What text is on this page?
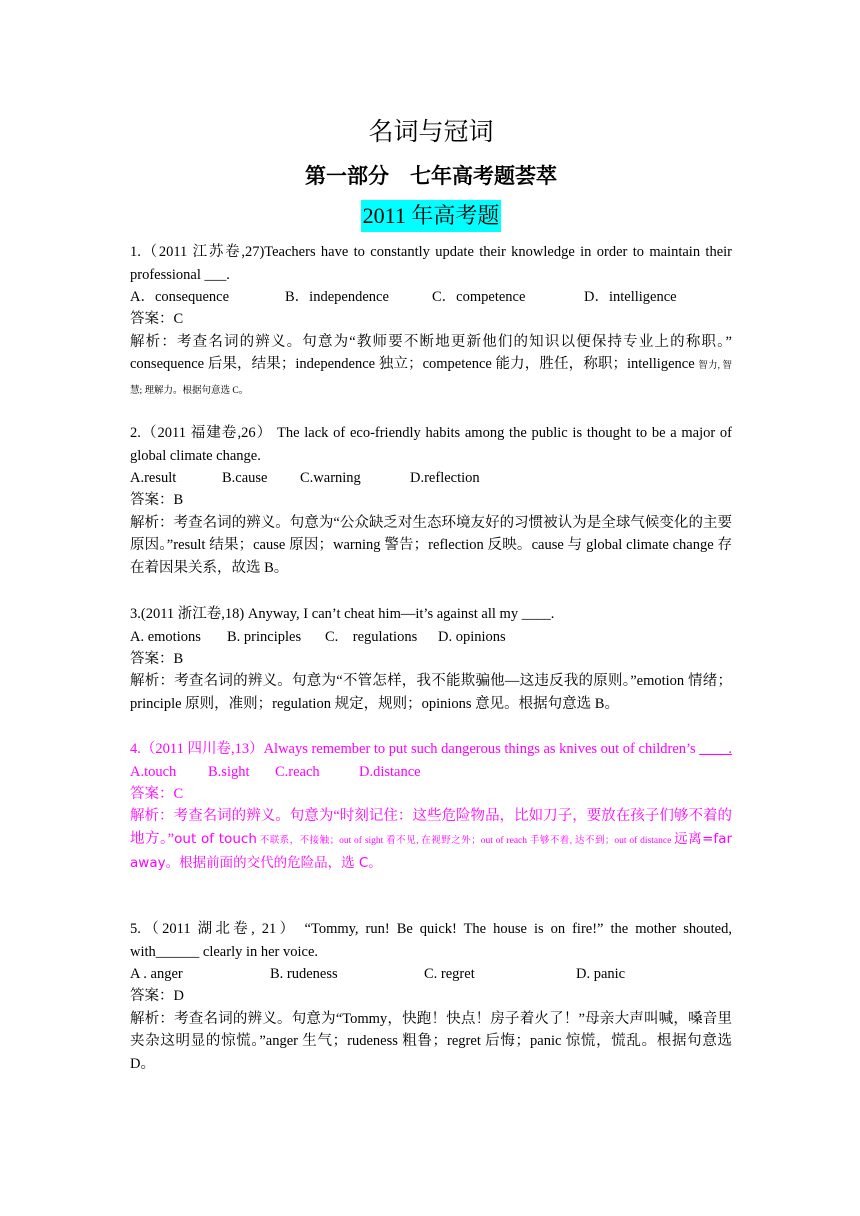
名词与冠词
第一部分　七年高考题荟萃
2011 年高考题
1.（2011 江苏卷,27)Teachers have to constantly update their knowledge in order to maintain their professional ___.
A．consequence	B．independence	C．competence	D．intelligence
答案：C
解析：考查名词的辨义。句意为“教师要不断地更新他们的知识以便保持专业上的称职。” consequence 后果，结果；independence 独立；competence 能力，胜任，称职；intelligence 智力, 智慧; 理解力。根据句意选 C。
2.（2011 福建卷,26） The lack of eco-friendly habits among the public is thought to be a major of global climate change.
A.result	B.cause	C.warning	D.reflection
答案：B
解析：考查名词的辨义。句意为“公众缺乏对生态环境友好的习惯被认为是全球气候变化的主要原因。”result 结果；cause 原因；warning 警告；reflection 反映。cause 与 global climate change 存在着因果关系，故选 B。
3.(2011 浙江卷,18) Anyway, I can’t cheat him—it’s against all my ____.
A. emotions	B. principles	C.    regulations	D. opinions
答案：B
解析：考查名词的辨义。句意为“不管怎样，我不能欺骗他—这违反我的原则。”emotion 情绪；principle 原则，准则；regulation 规定，规则；opinions 意见。根据句意选 B。
4.（2011 四川卷,13）Always remember to put such dangerous things as knives out of children’s ____.
A.touch	B.sight	C.reach	D.distance
答案：C
解析：考查名词的辨义。句意为“时刻记住：这些危险物品，比如刀子，要放在孩子们够不着的地方。”out of touch 不联系，不接触；out of sight 看不见, 在视野之外；out of reach 手够不着, 达不到；out of distance 远离=far away。根据前面的交代的危险品，选 C。
5.（2011 湖北卷, 21） “Tommy, run! Be quick! The house is on fire!” the mother shouted, with______ clearly in her voice.
A . anger	B. rudeness	C. regret	D. panic
答案：D
解析：考查名词的辨义。句意为“Tommy，快跑！快点！房子着火了！”母亲大声叫喊，嗓音里夹杂这明显的惊慌。”anger 生气；rudeness 粗鲁；regret 后悔；panic 惊慌，慌乱。根据句意选 D。
